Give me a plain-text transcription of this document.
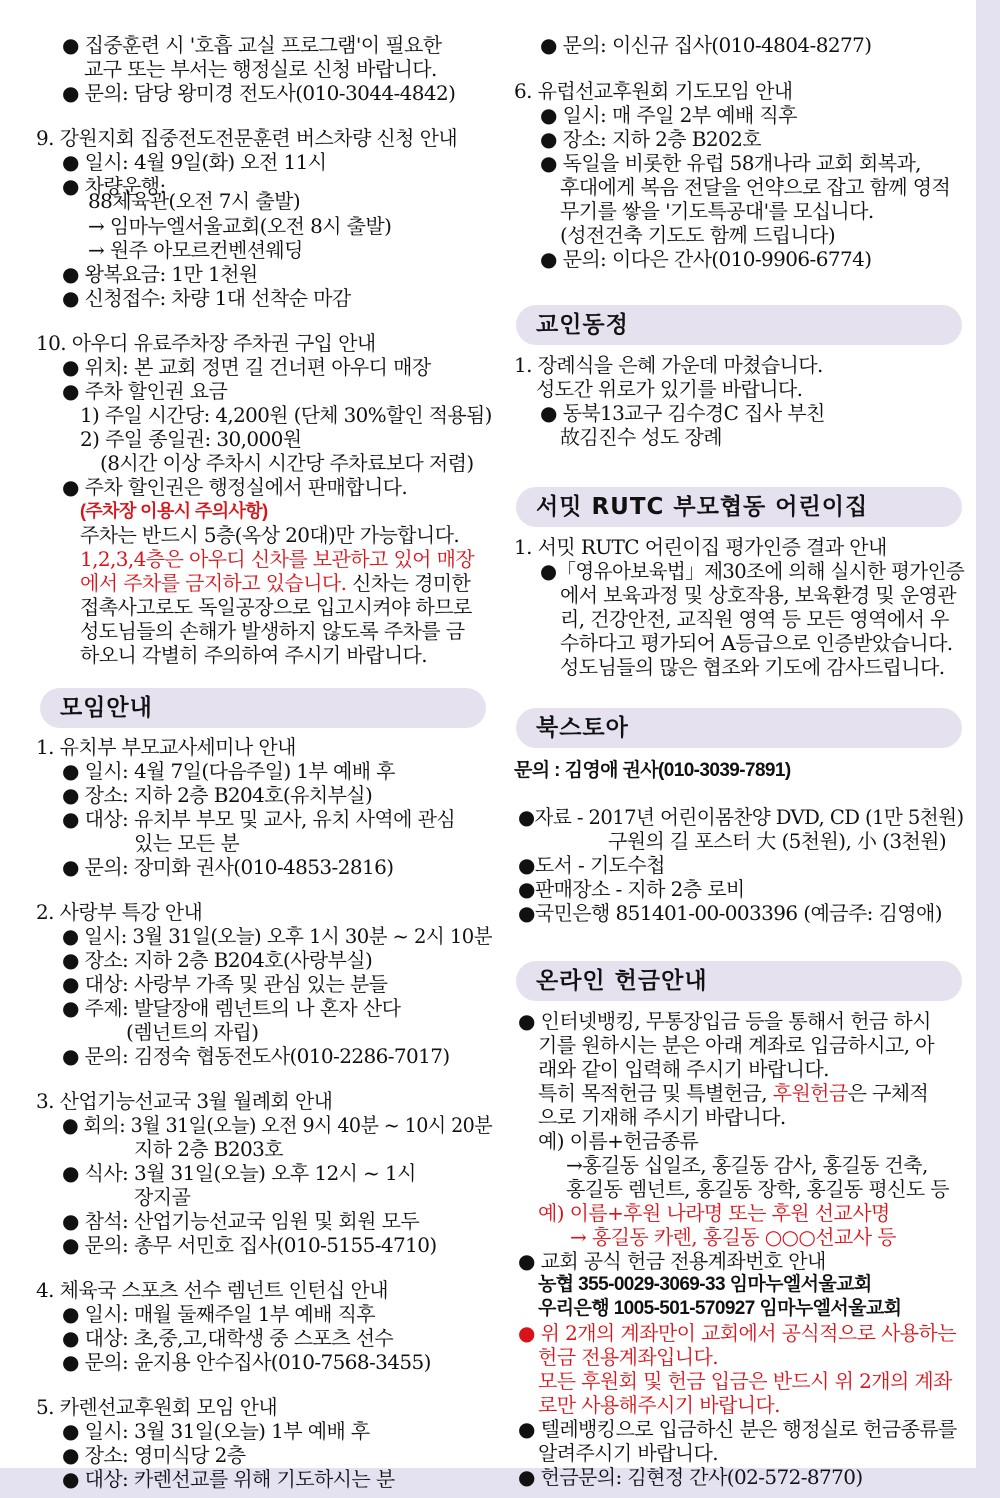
● 집중훈련 시 '호흡 교실 프로그램'이 필요한
교구 또는 부서는 행정실로 신청 바랍니다.
● 문의: 담당 왕미경 전도사(010-3044-4842)
9. 강원지회 집중전도전문훈련 버스차량 신청 안내
● 일시: 4월 9일(화) 오전 11시
● 차량운행:
88체육관(오전 7시 출발)
→ 임마누엘서울교회(오전 8시 출발)
→ 원주 아모르컨벤션웨딩
● 왕복요금: 1만 1천원
● 신청접수: 차량 1대 선착순 마감
10. 아우디 유료주차장 주차권 구입 안내
● 위치: 본 교회 정면 길 건너편 아우디 매장
● 주차 할인권 요금
1) 주일 시간당: 4,200원 (단체 30%할인 적용됨)
2) 주일 종일권: 30,000원
(8시간 이상 주차시 시간당 주차료보다 저렴)
● 주차 할인권은 행정실에서 판매합니다.
(주차장 이용시 주의사항)
주차는 반드시 5층(옥상 20대)만 가능합니다.
1,2,3,4층은 아우디 신차를 보관하고 있어 매장
에서 주차를 금지하고 있습니다. 신차는 경미한
접촉사고로도 독일공장으로 입고시켜야 하므로
성도님들의 손해가 발생하지 않도록 주차를 금
하오니 각별히 주의하여 주시기 바랍니다.
모임안내
1. 유치부 부모교사세미나 안내
● 일시: 4월 7일(다음주일) 1부 예배 후
● 장소: 지하 2층 B204호(유치부실)
● 대상: 유치부 부모 및 교사, 유치 사역에 관심
있는 모든 분
● 문의: 장미화 권사(010-4853-2816)
2. 사랑부 특강 안내
● 일시: 3월 31일(오늘) 오후 1시 30분 ~ 2시 10분
● 장소: 지하 2층 B204호(사랑부실)
● 대상: 사랑부 가족 및 관심 있는 분들
● 주제: 발달장애 렘넌트의 나 혼자 산다
(렘넌트의 자립)
● 문의: 김정숙 협동전도사(010-2286-7017)
3. 산업기능선교국 3월 월례회 안내
● 회의: 3월 31일(오늘) 오전 9시 40분 ~ 10시 20분
지하 2층 B203호
● 식사: 3월 31일(오늘) 오후 12시 ~ 1시
장지골
● 참석: 산업기능선교국 임원 및 회원 모두
● 문의: 총무 서민호 집사(010-5155-4710)
4. 체육국 스포츠 선수 렘넌트 인턴십 안내
● 일시: 매월 둘째주일 1부 예배 직후
● 대상: 초,중,고,대학생 중 스포츠 선수
● 문의: 윤지용 안수집사(010-7568-3455)
5. 카렌선교후원회 모임 안내
● 일시: 3월 31일(오늘) 1부 예배 후
● 장소: 영미식당 2층
● 대상: 카렌선교를 위해 기도하시는 분
● 문의: 이신규 집사(010-4804-8277)
6. 유럽선교후원회 기도모임 안내
● 일시: 매 주일 2부 예배 직후
● 장소: 지하 2층 B202호
● 독일을 비롯한 유럽 58개나라 교회 회복과,
후대에게 복음 전달을 언약으로 잡고 함께 영적
무기를 쌓을 '기도특공대'를 모십니다.
(성전건축 기도도 함께 드립니다)
● 문의: 이다은 간사(010-9906-6774)
교인동정
1. 장례식을 은혜 가운데 마쳤습니다.
성도간 위로가 있기를 바랍니다.
● 동북13교구 김수경C 집사 부친
故김진수 성도 장례
서밋 RUTC 부모협동 어린이집
1. 서밋 RUTC 어린이집 평가인증 결과 안내
●「영유아보육법」제30조에 의해 실시한 평가인증
에서 보육과정 및 상호작용, 보육환경 및 운영관
리, 건강안전, 교직원 영역 등 모든 영역에서 우
수하다고 평가되어 A등급으로 인증받았습니다.
성도님들의 많은 협조와 기도에 감사드립니다.
북스토아
문의 : 김영애 권사(010-3039-7891)
●자료 - 2017년 어린이몸찬양 DVD, CD (1만 5천원)
구원의 길 포스터 大 (5천원), 小 (3천원)
●도서 - 기도수첩
●판매장소 - 지하 2층 로비
●국민은행 851401-00-003396 (예금주: 김영애)
온라인 헌금안내
● 인터넷뱅킹, 무통장입금 등을 통해서 헌금 하시
기를 원하시는 분은 아래 계좌로 입금하시고, 아
래와 같이 입력해 주시기 바랍니다.
특히 목적헌금 및 특별헌금, 후원헌금은 구체적
으로 기재해 주시기 바랍니다.
예) 이름+헌금종류
→홍길동 십일조, 홍길동 감사, 홍길동 건축,
홍길동 렘넌트, 홍길동 장학, 홍길동 평신도 등
예) 이름+후원 나라명 또는 후원 선교사명
→ 홍길동 카렌, 홍길동 ○○○선교사 등
● 교회 공식 헌금 전용계좌번호 안내
농협 355-0029-3069-33 임마누엘서울교회
우리은행 1005-501-570927 임마누엘서울교회
● 위 2개의 계좌만이 교회에서 공식적으로 사용하는
헌금 전용계좌입니다.
모든 후원회 및 헌금 입금은 반드시 위 2개의 계좌
로만 사용해주시기 바랍니다.
● 텔레뱅킹으로 입금하신 분은 행정실로 헌금종류를
알려주시기 바랍니다.
● 헌금문의: 김현정 간사(02-572-8770)
